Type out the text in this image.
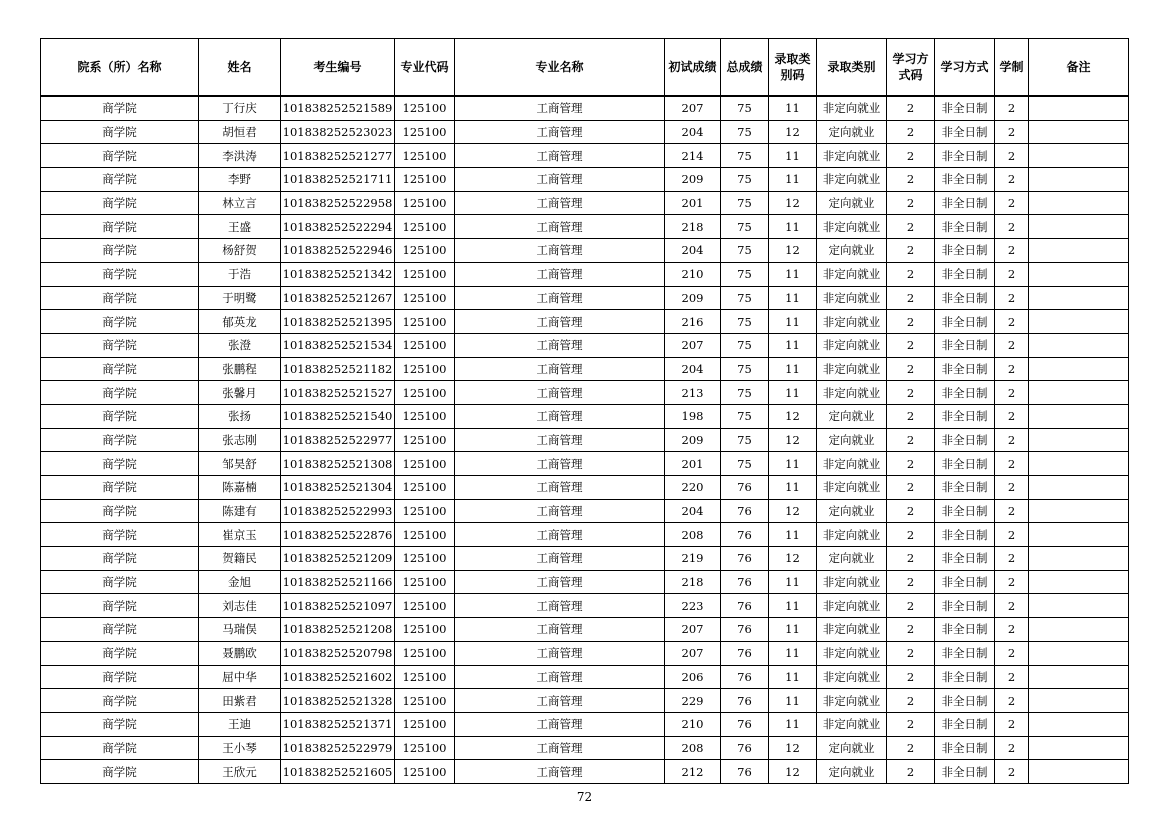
院系（所）名称	姓名	考生编号	专业代码	专业名称	初试成绩	总成绩	录取类别码	录取类别	学习方式码	学习方式	学制	备注
商学院	丁行庆	101838252521589	125100	工商管理	207	75	11	非定向就业	2	非全日制	2	
商学院	胡恒君	101838252523023	125100	工商管理	204	75	12	定向就业	2	非全日制	2	
商学院	李洪涛	101838252521277	125100	工商管理	214	75	11	非定向就业	2	非全日制	2	
商学院	李野	101838252521711	125100	工商管理	209	75	11	非定向就业	2	非全日制	2	
商学院	林立言	101838252522958	125100	工商管理	201	75	12	定向就业	2	非全日制	2	
商学院	王盛	101838252522294	125100	工商管理	218	75	11	非定向就业	2	非全日制	2	
商学院	杨舒贺	101838252522946	125100	工商管理	204	75	12	定向就业	2	非全日制	2	
商学院	于浩	101838252521342	125100	工商管理	210	75	11	非定向就业	2	非全日制	2	
商学院	于明鹭	101838252521267	125100	工商管理	209	75	11	非定向就业	2	非全日制	2	
商学院	郁英龙	101838252521395	125100	工商管理	216	75	11	非定向就业	2	非全日制	2	
商学院	张澄	101838252521534	125100	工商管理	207	75	11	非定向就业	2	非全日制	2	
商学院	张鹏程	101838252521182	125100	工商管理	204	75	11	非定向就业	2	非全日制	2	
商学院	张馨月	101838252521527	125100	工商管理	213	75	11	非定向就业	2	非全日制	2	
商学院	张扬	101838252521540	125100	工商管理	198	75	12	定向就业	2	非全日制	2	
商学院	张志刚	101838252522977	125100	工商管理	209	75	12	定向就业	2	非全日制	2	
商学院	邹昊舒	101838252521308	125100	工商管理	201	75	11	非定向就业	2	非全日制	2	
商学院	陈嘉楠	101838252521304	125100	工商管理	220	76	11	非定向就业	2	非全日制	2	
商学院	陈建有	101838252522993	125100	工商管理	204	76	12	定向就业	2	非全日制	2	
商学院	崔京玉	101838252522876	125100	工商管理	208	76	11	非定向就业	2	非全日制	2	
商学院	贺籍民	101838252521209	125100	工商管理	219	76	12	定向就业	2	非全日制	2	
商学院	金旭	101838252521166	125100	工商管理	218	76	11	非定向就业	2	非全日制	2	
商学院	刘志佳	101838252521097	125100	工商管理	223	76	11	非定向就业	2	非全日制	2	
商学院	马瑞俣	101838252521208	125100	工商管理	207	76	11	非定向就业	2	非全日制	2	
商学院	聂鹏欧	101838252520798	125100	工商管理	207	76	11	非定向就业	2	非全日制	2	
商学院	屈中华	101838252521602	125100	工商管理	206	76	11	非定向就业	2	非全日制	2	
商学院	田紫君	101838252521328	125100	工商管理	229	76	11	非定向就业	2	非全日制	2	
商学院	王迪	101838252521371	125100	工商管理	210	76	11	非定向就业	2	非全日制	2	
商学院	王小琴	101838252522979	125100	工商管理	208	76	12	定向就业	2	非全日制	2	
商学院	王欣元	101838252521605	125100	工商管理	212	76	12	定向就业	2	非全日制	2	
72
